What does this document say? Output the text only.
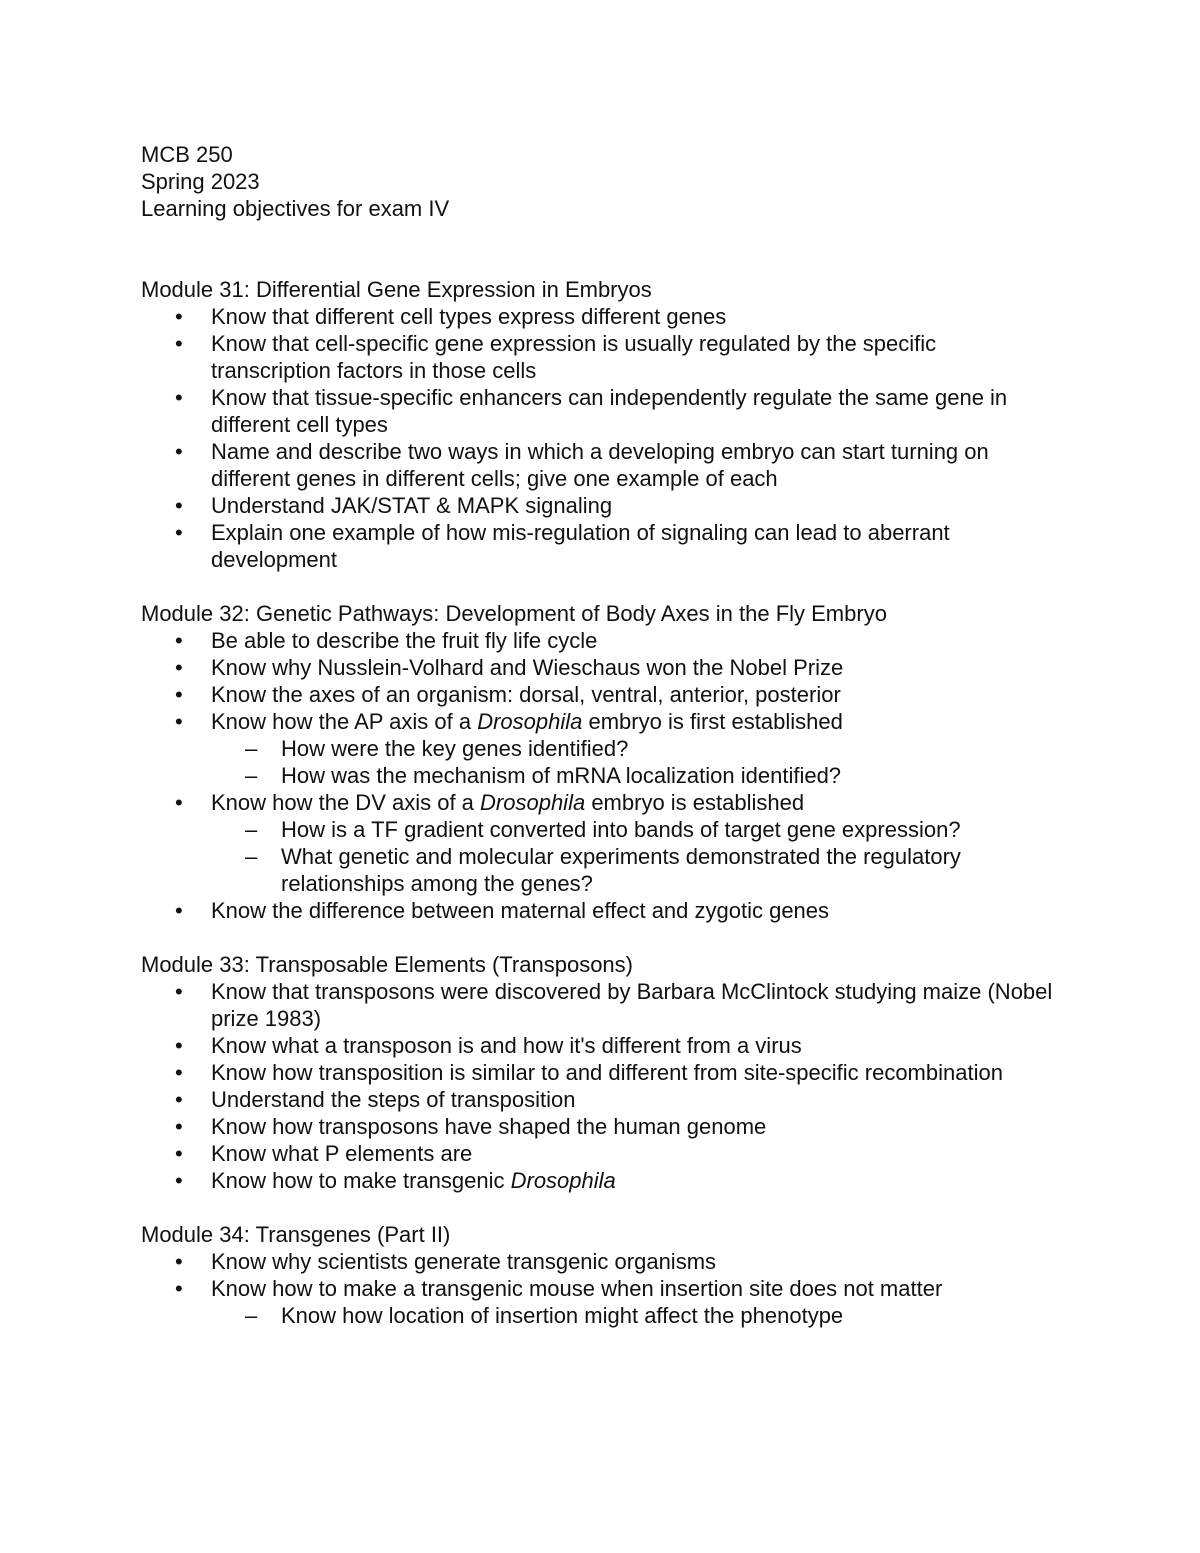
MCB 250
Spring 2023
Learning objectives for exam IV
Module 31: Differential Gene Expression in Embryos
• Know that different cell types express different genes
• Know that cell-specific gene expression is usually regulated by the specific transcription factors in those cells
• Know that tissue-specific enhancers can independently regulate the same gene in different cell types
• Name and describe two ways in which a developing embryo can start turning on different genes in different cells; give one example of each
• Understand JAK/STAT & MAPK signaling
• Explain one example of how mis-regulation of signaling can lead to aberrant development
Module 32: Genetic Pathways: Development of Body Axes in the Fly Embryo
• Be able to describe the fruit fly life cycle
• Know why Nusslein-Volhard and Wieschaus won the Nobel Prize
• Know the axes of an organism: dorsal, ventral, anterior, posterior
• Know how the AP axis of a Drosophila embryo is first established
– How were the key genes identified?
– How was the mechanism of mRNA localization identified?
• Know how the DV axis of a Drosophila embryo is established
– How is a TF gradient converted into bands of target gene expression?
– What genetic and molecular experiments demonstrated the regulatory relationships among the genes?
• Know the difference between maternal effect and zygotic genes
Module 33: Transposable Elements (Transposons)
• Know that transposons were discovered by Barbara McClintock studying maize (Nobel prize 1983)
• Know what a transposon is and how it's different from a virus
• Know how transposition is similar to and different from site-specific recombination
• Understand the steps of transposition
• Know how transposons have shaped the human genome
• Know what P elements are
• Know how to make transgenic Drosophila
Module 34: Transgenes (Part II)
• Know why scientists generate transgenic organisms
• Know how to make a transgenic mouse when insertion site does not matter
– Know how location of insertion might affect the phenotype
